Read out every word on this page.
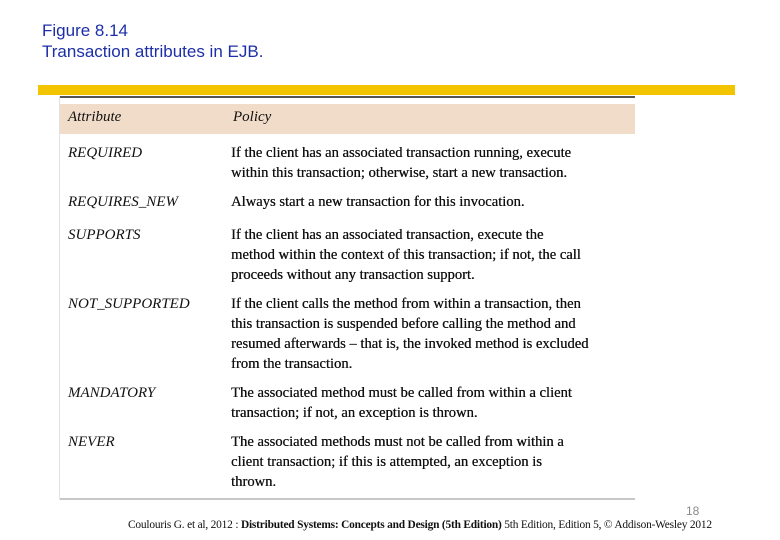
Figure 8.14
Transaction attributes in EJB.
Attribute	Policy
REQUIRED	If the client has an associated transaction running, execute
within this transaction; otherwise, start a new transaction.
REQUIRES_NEW	Always start a new transaction for this invocation.
SUPPORTS	If the client has an associated transaction, execute the
method within the context of this transaction; if not, the call
proceeds without any transaction support.
NOT_SUPPORTED	If the client calls the method from within a transaction, then
this transaction is suspended before calling the method and
resumed afterwards – that is, the invoked method is excluded
from the transaction.
MANDATORY	The associated method must be called from within a client
transaction; if not, an exception is thrown.
NEVER	The associated methods must not be called from within a
client transaction; if this is attempted, an exception is
thrown.
18
Coulouris G. et al, 2012 : Distributed Systems: Concepts and Design (5th Edition) 5th Edition, Edition 5, © Addison-Wesley 2012
